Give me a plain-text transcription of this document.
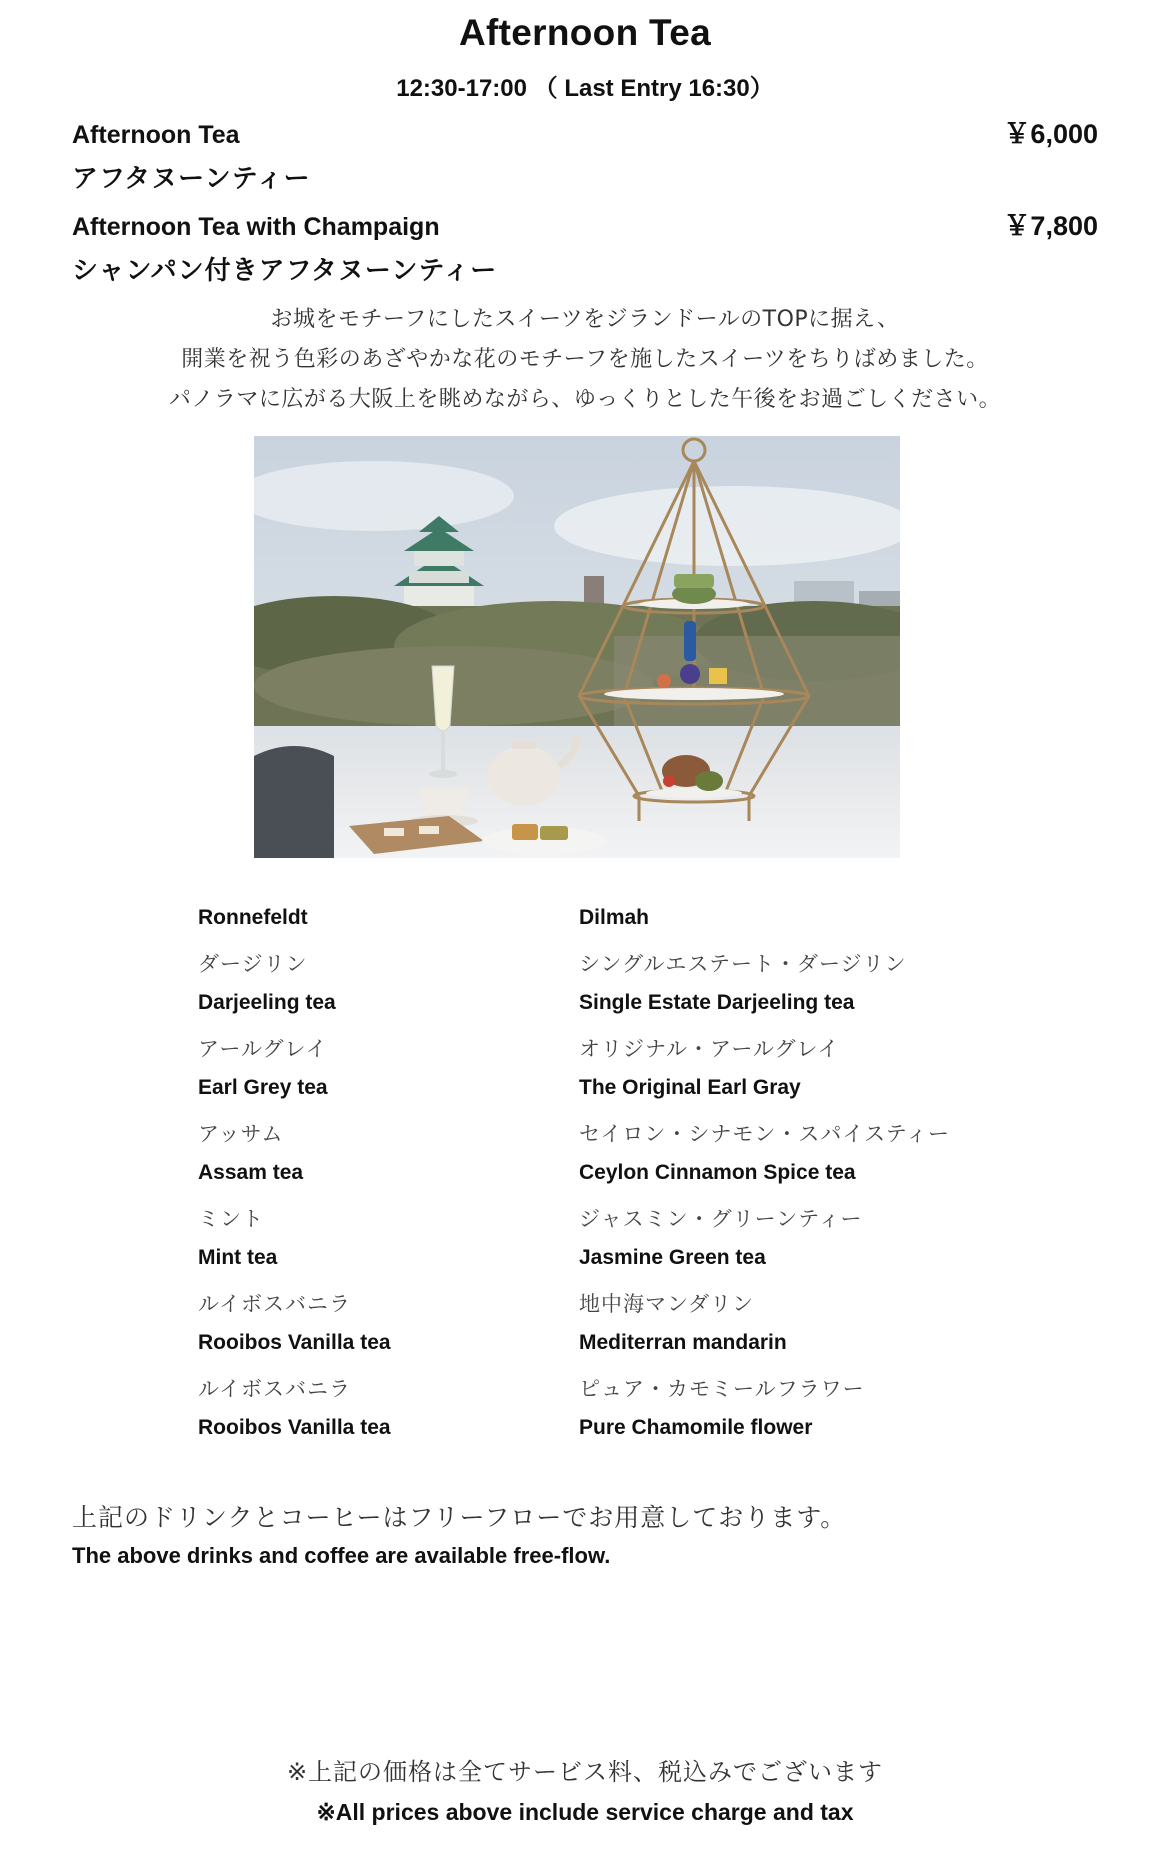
Afternoon Tea
12:30-17:00 （ Last Entry 16:30）
Afternoon Tea	￥6,000
アフタヌーンティー
Afternoon Tea with Champaign	￥7,800
シャンパン付きアフタヌーンティー
お城をモチーフにしたスイーツをジランドールのTOPに据え、
開業を祝う色彩のあざやかな花のモチーフを施したスイーツをちりばめました。
パノラマに広がる大阪上を眺めながら、ゆっくりとした午後をお過ごしください。
Ronnefeldt
ダージリン
Darjeeling tea
アールグレイ
Earl Grey tea
アッサム
Assam tea
ミント
Mint tea
ルイボスバニラ
Rooibos Vanilla tea
ルイボスバニラ
Rooibos Vanilla tea
Dilmah
シングルエステート・ダージリン
Single Estate Darjeeling tea
オリジナル・アールグレイ
The Original Earl Gray
セイロン・シナモン・スパイスティー
Ceylon Cinnamon Spice tea
ジャスミン・グリーンティー
Jasmine Green tea
地中海マンダリン
Mediterran mandarin
ピュア・カモミールフラワー
Pure Chamomile flower
上記のドリンクとコーヒーはフリーフローでお用意しております。
The above drinks and coffee are available free-flow.
※上記の価格は全てサービス料、税込みでございます
※All prices above include service charge and tax
